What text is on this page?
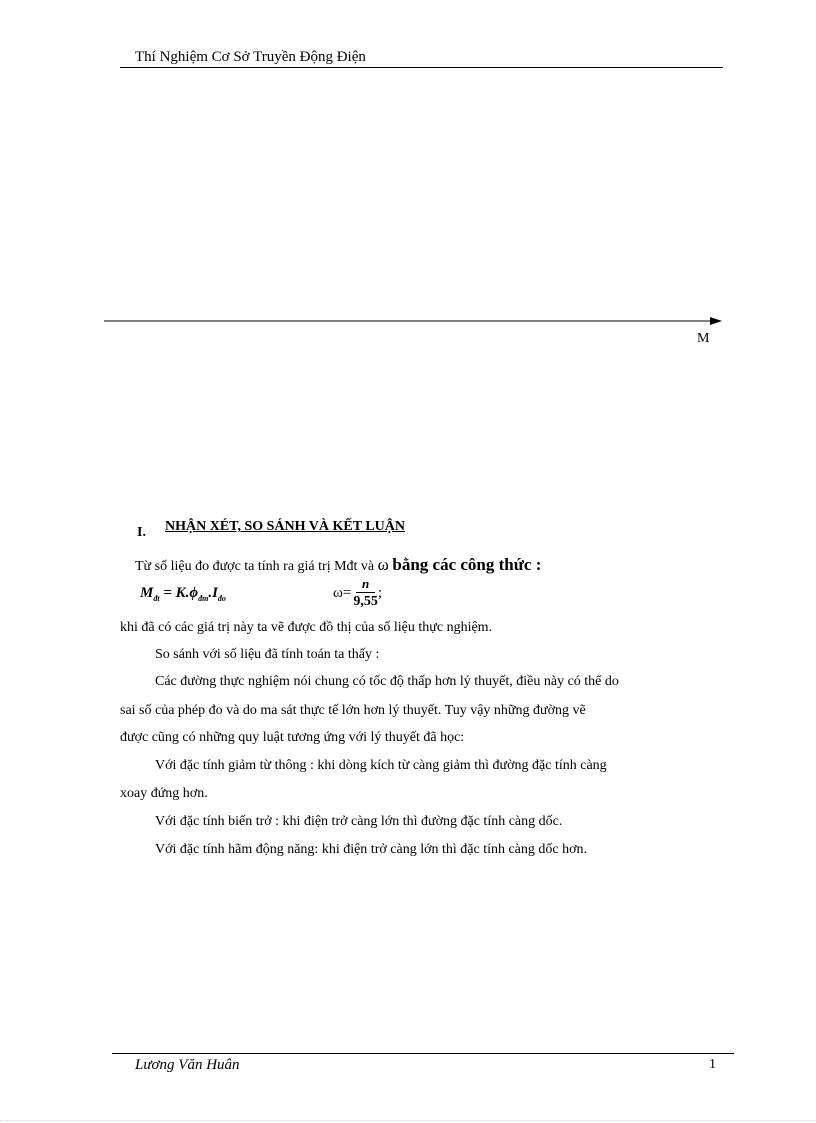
Thí Nghiệm Cơ Sở Truyền Động Điện
M
I. NHẬN XÉT, SO SÁNH VÀ KẾT LUẬN
Từ số liệu đo được ta tính ra giá trị Mđt và ω bằng các công thức :
$M_{đt} = K.\phi_{đm}.I_{đo}$	$\omega= \frac{n}{9,55}$ ;
khi đã có các giá trị này ta vẽ được đồ thị của số liệu thực nghiệm.
So sánh với số liệu đã tính toán ta thấy :
Các đường thực nghiệm nói chung có tốc độ thấp hơn lý thuyết, điều này có thể do
sai số của phép đo và do ma sát thực tế lớn hơn lý thuyết. Tuy vậy những đường vẽ
được cũng có những quy luật tương ứng với lý thuyết đã học:
Với đặc tính giảm từ thông : khi dòng kích từ càng giảm thì đường đặc tính càng
xoay đứng hơn.
Với đặc tính biến trở : khi điện trở càng lớn thì đường đặc tính càng dốc.
Với đặc tính hãm động năng: khi điện trở càng lớn thì đặc tính càng dốc hơn.
Lương Văn Huân	1
